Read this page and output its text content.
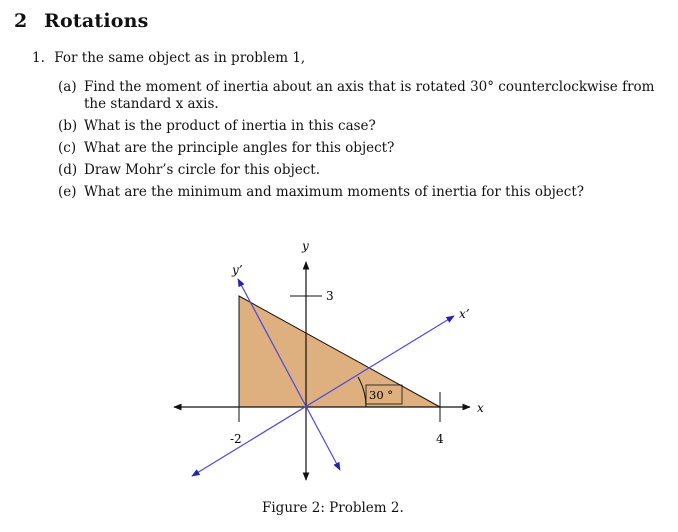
2 Rotations
1. For the same object as in problem 1,
(a) Find the moment of inertia about an axis that is rotated 30° counterclockwise from the standard x axis.
(b) What is the product of inertia in this case?
(c) What are the principle angles for this object?
(d) Draw Mohr’s circle for this object.
(e) What are the minimum and maximum moments of inertia for this object?
y
x
y’
x’
3
4
-2
30 °
Figure 2: Problem 2.
